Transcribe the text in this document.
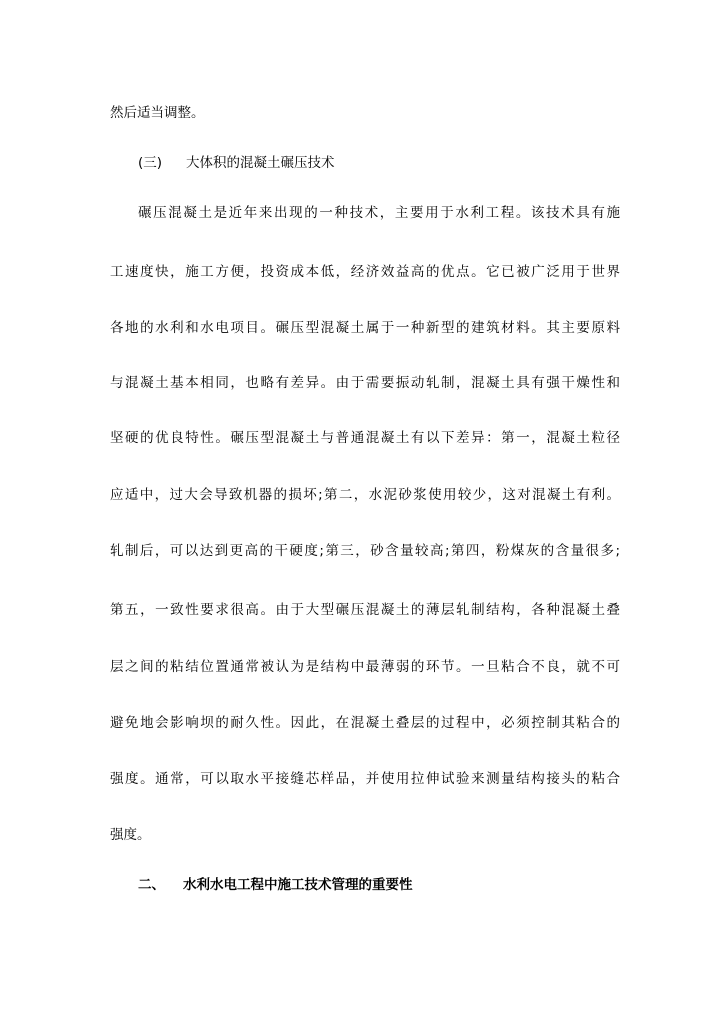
然后适当调整。
(三) 大体积的混凝土碾压技术
碾压混凝土是近年来出现的一种技术，主要用于水利工程。该技术具有施
工速度快，施工方便，投资成本低，经济效益高的优点。它已被广泛用于世界
各地的水利和水电项目。碾压型混凝土属于一种新型的建筑材料。其主要原料
与混凝土基本相同，也略有差异。由于需要振动轧制，混凝土具有强干燥性和
坚硬的优良特性。碾压型混凝土与普通混凝土有以下差异：第一，混凝土粒径
应适中，过大会导致机器的损坏;第二，水泥砂浆使用较少，这对混凝土有利。
轧制后，可以达到更高的干硬度;第三，砂含量较高;第四，粉煤灰的含量很多;
第五，一致性要求很高。由于大型碾压混凝土的薄层轧制结构，各种混凝土叠
层之间的粘结位置通常被认为是结构中最薄弱的环节。一旦粘合不良，就不可
避免地会影响坝的耐久性。因此，在混凝土叠层的过程中，必须控制其粘合的
强度。通常，可以取水平接缝芯样品，并使用拉伸试验来测量结构接头的粘合
强度。
二、 水利水电工程中施工技术管理的重要性
